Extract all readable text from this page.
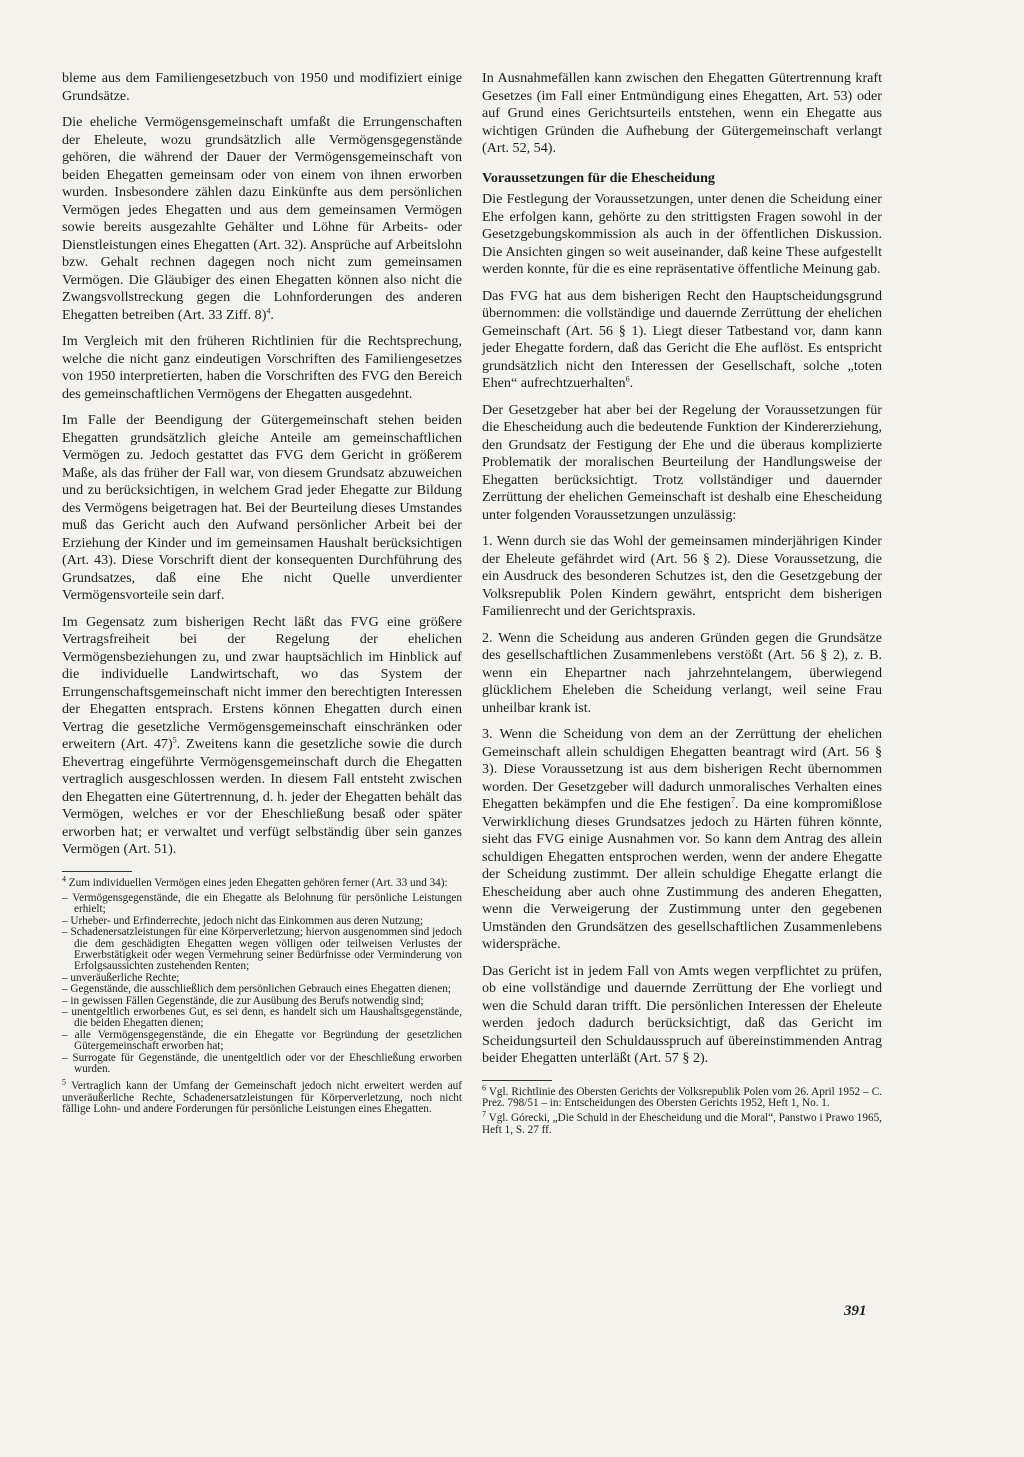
bleme aus dem Familiengesetzbuch von 1950 und modifiziert einige Grundsätze.

Die eheliche Vermögensgemeinschaft umfaßt die Errungenschaften der Eheleute, wozu grundsätzlich alle Vermögensgegenstände gehören, die während der Dauer der Vermögensgemeinschaft von beiden Ehegatten gemeinsam oder von einem von ihnen erworben wurden. Insbesondere zählen dazu Einkünfte aus dem persönlichen Vermögen jedes Ehegatten und aus dem gemeinsamen Vermögen sowie bereits ausgezahlte Gehälter und Löhne für Arbeits- oder Dienstleistungen eines Ehegatten (Art. 32). Ansprüche auf Arbeitslohn bzw. Gehalt rechnen dagegen noch nicht zum gemeinsamen Vermögen. Die Gläubiger des einen Ehegatten können also nicht die Zwangsvollstreckung gegen die Lohnforderungen des anderen Ehegatten betreiben (Art. 33 Ziff. 8)$^4$.

Im Vergleich mit den früheren Richtlinien für die Rechtsprechung, welche die nicht ganz eindeutigen Vorschriften des Familiengesetzes von 1950 interpretierten, haben die Vorschriften des FVG den Bereich des gemeinschaftlichen Vermögens der Ehegatten ausgedehnt.

Im Falle der Beendigung der Gütergemeinschaft stehen beiden Ehegatten grundsätzlich gleiche Anteile am gemeinschaftlichen Vermögen zu. Jedoch gestattet das FVG dem Gericht in größerem Maße, als das früher der Fall war, von diesem Grundsatz abzuweichen und zu berücksichtigen, in welchem Grad jeder Ehegatte zur Bildung des Vermögens beigetragen hat. Bei der Beurteilung dieses Umstandes muß das Gericht auch den Aufwand persönlicher Arbeit bei der Erziehung der Kinder und im gemeinsamen Haushalt berücksichtigen (Art. 43). Diese Vorschrift dient der konsequenten Durchführung des Grundsatzes, daß eine Ehe nicht Quelle unverdienter Vermögensvorteile sein darf.

Im Gegensatz zum bisherigen Recht läßt das FVG eine größere Vertragsfreiheit bei der Regelung der ehelichen Vermögensbeziehungen zu, und zwar hauptsächlich im Hinblick auf die individuelle Landwirtschaft, wo das System der Errungenschaftsgemeinschaft nicht immer den berechtigten Interessen der Ehegatten entsprach. Erstens können Ehegatten durch einen Vertrag die gesetzliche Vermögensgemeinschaft einschränken oder erweitern (Art. 47)$^5$. Zweitens kann die gesetzliche sowie die durch Ehevertrag eingeführte Vermögensgemeinschaft durch die Ehegatten vertraglich ausgeschlossen werden. In diesem Fall entsteht zwischen den Ehegatten eine Gütertrennung, d. h. jeder der Ehegatten behält das Vermögen, welches er vor der Eheschließung besaß oder später erworben hat; er verwaltet und verfügt selbständig über sein ganzes Vermögen (Art. 51).

$^4$ Zum individuellen Vermögen eines jeden Ehegatten gehören ferner (Art. 33 und 34):

– Vermögensgegenstände, die ein Ehegatte als Belohnung für persönliche Leistungen erhielt;
– Urheber- und Erfinderrechte, jedoch nicht das Einkommen aus deren Nutzung;
– Schadenersatzleistungen für eine Körperverletzung; hiervon ausgenommen sind jedoch die dem geschädigten Ehegatten wegen völligen oder teilweisen Verlustes der Erwerbstätigkeit oder wegen Vermehrung seiner Bedürfnisse oder Verminderung von Erfolgsaussichten zustehenden Renten;
– unveräußerliche Rechte;
– Gegenstände, die ausschließlich dem persönlichen Gebrauch eines Ehegatten dienen;
– in gewissen Fällen Gegenstände, die zur Ausübung des Berufs notwendig sind;
– unentgeltlich erworbenes Gut, es sei denn, es handelt sich um Haushaltsgegenstände, die beiden Ehegatten dienen;
– alle Vermögensgegenstände, die ein Ehegatte vor Begründung der gesetzlichen Gütergemeinschaft erworben hat;
– Surrogate für Gegenstände, die unentgeltlich oder vor der Eheschließung erworben wurden.

$^5$ Vertraglich kann der Umfang der Gemeinschaft jedoch nicht erweitert werden auf unveräußerliche Rechte, Schadenersatzleistungen für Körperverletzung, noch nicht fällige Lohn- und andere Forderungen für persönliche Leistungen eines Ehegatten.

In Ausnahmefällen kann zwischen den Ehegatten Gütertrennung kraft Gesetzes (im Fall einer Entmündigung eines Ehegatten, Art. 53) oder auf Grund eines Gerichtsurteils entstehen, wenn ein Ehegatte aus wichtigen Gründen die Aufhebung der Gütergemeinschaft verlangt (Art. 52, 54).

Voraussetzungen für die Ehescheidung

Die Festlegung der Voraussetzungen, unter denen die Scheidung einer Ehe erfolgen kann, gehörte zu den strittigsten Fragen sowohl in der Gesetzgebungskommission als auch in der öffentlichen Diskussion. Die Ansichten gingen so weit auseinander, daß keine These aufgestellt werden konnte, für die es eine repräsentative öffentliche Meinung gab.

Das FVG hat aus dem bisherigen Recht den Hauptscheidungsgrund übernommen: die vollständige und dauernde Zerrüttung der ehelichen Gemeinschaft (Art. 56 § 1). Liegt dieser Tatbestand vor, dann kann jeder Ehegatte fordern, daß das Gericht die Ehe auflöst. Es entspricht grundsätzlich nicht den Interessen der Gesellschaft, solche „toten Ehen“ aufrechtzuerhalten$^6$.

Der Gesetzgeber hat aber bei der Regelung der Voraussetzungen für die Ehescheidung auch die bedeutende Funktion der Kindererziehung, den Grundsatz der Festigung der Ehe und die überaus komplizierte Problematik der moralischen Beurteilung der Handlungsweise der Ehegatten berücksichtigt. Trotz vollständiger und dauernder Zerrüttung der ehelichen Gemeinschaft ist deshalb eine Ehescheidung unter folgenden Voraussetzungen unzulässig:

1. Wenn durch sie das Wohl der gemeinsamen minderjährigen Kinder der Eheleute gefährdet wird (Art. 56 § 2). Diese Voraussetzung, die ein Ausdruck des besonderen Schutzes ist, den die Gesetzgebung der Volksrepublik Polen Kindern gewährt, entspricht dem bisherigen Familienrecht und der Gerichtspraxis.

2. Wenn die Scheidung aus anderen Gründen gegen die Grundsätze des gesellschaftlichen Zusammenlebens verstößt (Art. 56 § 2), z. B. wenn ein Ehepartner nach jahrzehntelangem, überwiegend glücklichem Eheleben die Scheidung verlangt, weil seine Frau unheilbar krank ist.

3. Wenn die Scheidung von dem an der Zerrüttung der ehelichen Gemeinschaft allein schuldigen Ehegatten beantragt wird (Art. 56 § 3). Diese Voraussetzung ist aus dem bisherigen Recht übernommen worden. Der Gesetzgeber will dadurch unmoralisches Verhalten eines Ehegatten bekämpfen und die Ehe festigen$^7$. Da eine kompromißlose Verwirklichung dieses Grundsatzes jedoch zu Härten führen könnte, sieht das FVG einige Ausnahmen vor. So kann dem Antrag des allein schuldigen Ehegatten entsprochen werden, wenn der andere Ehegatte der Scheidung zustimmt. Der allein schuldige Ehegatte erlangt die Ehescheidung aber auch ohne Zustimmung des anderen Ehegatten, wenn die Verweigerung der Zustimmung unter den gegebenen Umständen den Grundsätzen des gesellschaftlichen Zusammenlebens widerspräche.

Das Gericht ist in jedem Fall von Amts wegen verpflichtet zu prüfen, ob eine vollständige und dauernde Zerrüttung der Ehe vorliegt und wen die Schuld daran trifft. Die persönlichen Interessen der Eheleute werden jedoch dadurch berücksichtigt, daß das Gericht im Scheidungsurteil den Schuldausspruch auf übereinstimmenden Antrag beider Ehegatten unterläßt (Art. 57 § 2).

$^6$ Vgl. Richtlinie des Obersten Gerichts der Volksrepublik Polen vom 26. April 1952 – C. Prez. 798/51 – in: Entscheidungen des Obersten Gerichts 1952, Heft 1, No. 1.

$^7$ Vgl. Górecki, „Die Schuld in der Ehescheidung und die Moral“, Panstwo i Prawo 1965, Heft 1, S. 27 ff.

391
